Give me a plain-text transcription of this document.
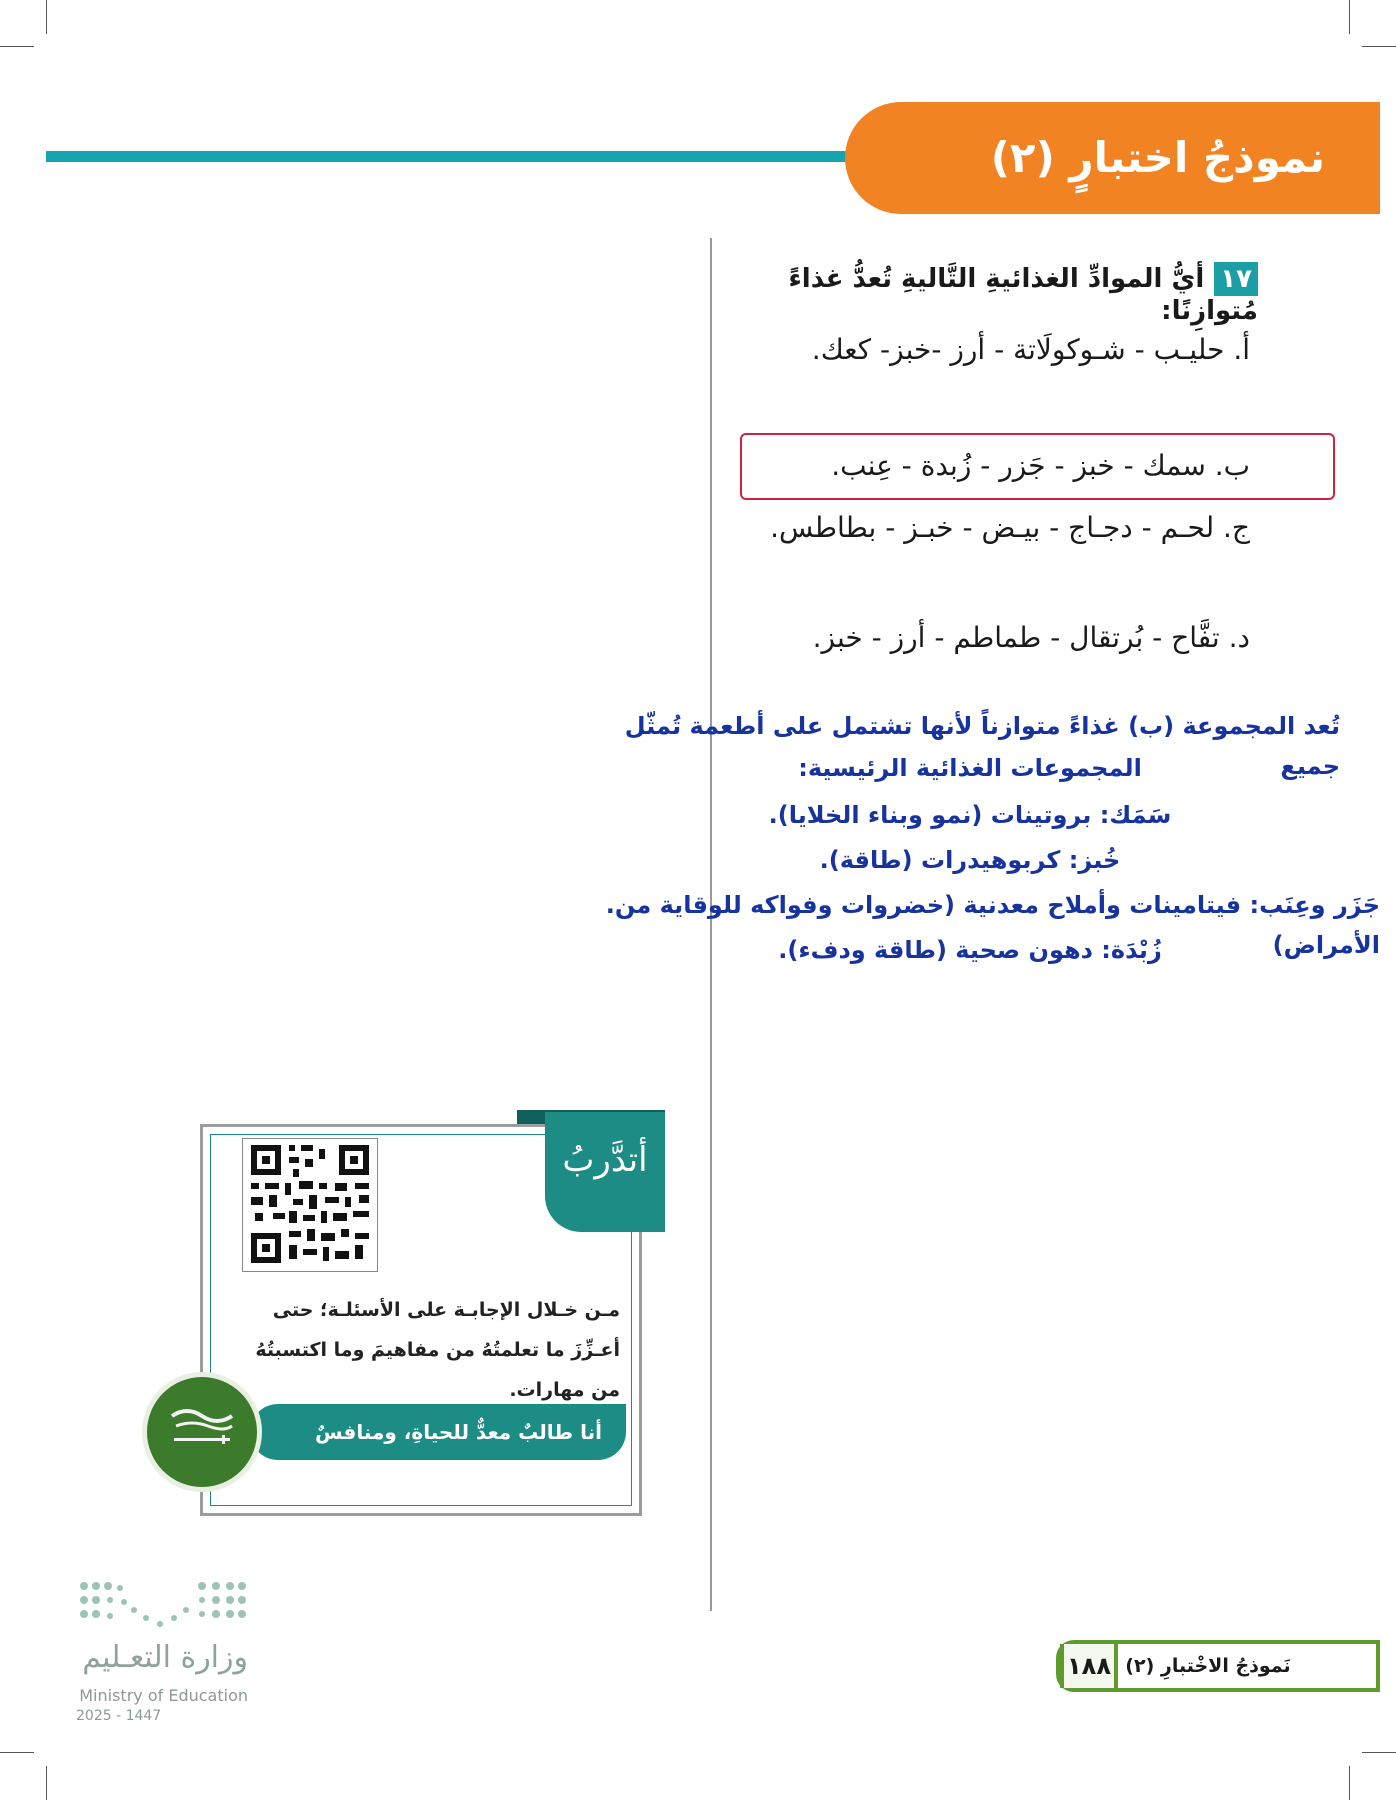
نموذجُ اختبارٍ (٢)
١٧أيُّ الموادِّ الغذائيةِ التَّاليةِ تُعدُّ غذاءً مُتوازِنًا:
أ. حليـب - شـوكولَاتة - أرز -خبز- كعك.
ب. سمك - خبز - جَزر - زُبدة - عِنب.
ج. لحـم - دجـاج - بيـض - خبـز - بطاطس.
د. تفَّاح - بُرتقال - طماطم - أرز - خبز.
تُعد المجموعة (ب) غذاءً متوازناً لأنها تشتمل على أطعمة تُمثّل جميع
:المجموعات الغذائية الرئيسية
.سَمَك: بروتينات (نمو وبناء الخلايا)
.خُبز: كربوهيدرات (طاقة)
.جَزَر وعِنَب: فيتامينات وأملاح معدنية (خضروات وفواكه للوقاية من الأمراض)
.زُبْدَة: دهون صحية (طاقة ودفء)
أتدَّربُ
مـن خـلال الإجابـة على الأسئلـة؛ حتى أعـزِّزَ ما تعلمتُهُ من مفاهيمَ وما اكتسبتُهُ من مهارات.
أنا طالبٌ معدٌّ للحياةِ، ومنافسٌ عالميًا.
وزارة التعـليم
Ministry of Education
2025 - 1447
نَموذجُ الاخْتبارِ (٢)
١٨٨
